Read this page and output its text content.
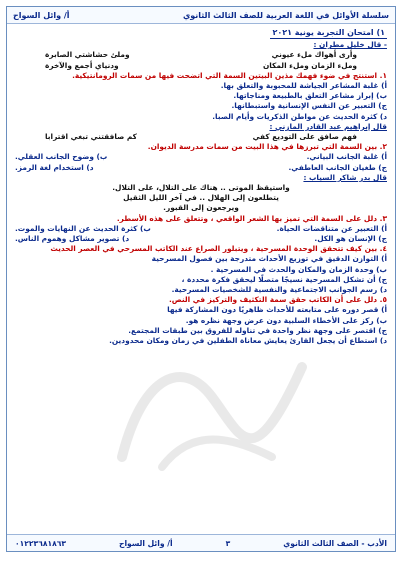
سلسلة الأوائل في اللغة العربية للصف الثالث الثانوي
أ/ وائل السواح
١) امتحان التجربة يونية ٢٠٢١
- قال خليل مطران :
وأرى أهواك ملء عيوني
وملئ حشاشتي الصابرة
وملء الزمان وملء المكان
ودنياي أجمع والآخرة
١. استنتج في ضوء فهمك مذين البيتين السمة التي اتضحت فيها من سمات الرومانتيكية.
أ) غلبة المشاعر الجياشة للمحبوبة والتعلق بها.
ب) إبراز مشاعر التعلق بالطبيعة ومناجاتها.
ج) التعبير عن النفس الإنسانية واستبطانها.
د) كثرة الحديث عن مواطن الذكريات وأيام الصبا.
قال إبراهيم عبد القادر المازني :
فهم صافق على التوديع كفي
كم صافقتني تبغي اقترابا
٢. بين السمة التي تبرزها في هذا البيت من سمات مدرسة الديوان.
أ) غلبة الجانب البياني.
ب) وضوح الجانب العقلي.
ج) طغيان الجانب العاطفي.
د) استخدام لغة الرمز.
قال بدر شاكر السياب :
واستيقظ الموتى .. هناك على التلال، على التلال.
يتطلعون إلى الهلال .. في آخر الليل الثقيل
ويرجعون إلى القبور.
٣. دلل على السمة التي تميز بها الشعر الواقعي ، وتتعلق على هذه الأسطر.
أ) التعبير عن متناقضات الحياة.
ب) كثرة الحديث عن النهايات والموت.
ج) الإنسان هو الكل.
د) تصوير مشاكل وهموم الناس.
٤. بين كيف تتحقق الوحدة المسرحية ، ويتبلور الصراع عند الكاتب المسرحي في العصر الحديث
أ) التوازن الدقيق في توزيع الأحداث متدرجة بين فصول المسرحية
ب) وحدة الزمان والمكان والحدث في المسرحية .
ج) أن تشكل المسرحية نسيجًا متصلًا ليحقق فكرة محددة ،
د) رسم الجوانب الاجتماعية والنفسية للشخصيات المسرحية.
٥. دلل على أن الكاتب حقق سمة التكثيف والتركيز في النص.
أ) قصر دوره على متابعته للأحداث ظاهريًا دون المشاركة فيها
ب) ركز على الأخطاء السلبية دون عرض وجهة نظره هو.
ج) اقتصر على وجهة نظر واحدة في تناوله للفروق بين طبقات المجتمع.
د) استطاع أن يجعل القارئ يعايش معاناة الطفلين في زمان ومكان محدودين.
الأدب - الصف الثالث الثانوي
٣
أ/ وائل السواح
٠١٢٢٣٦٨١٨٦٣
